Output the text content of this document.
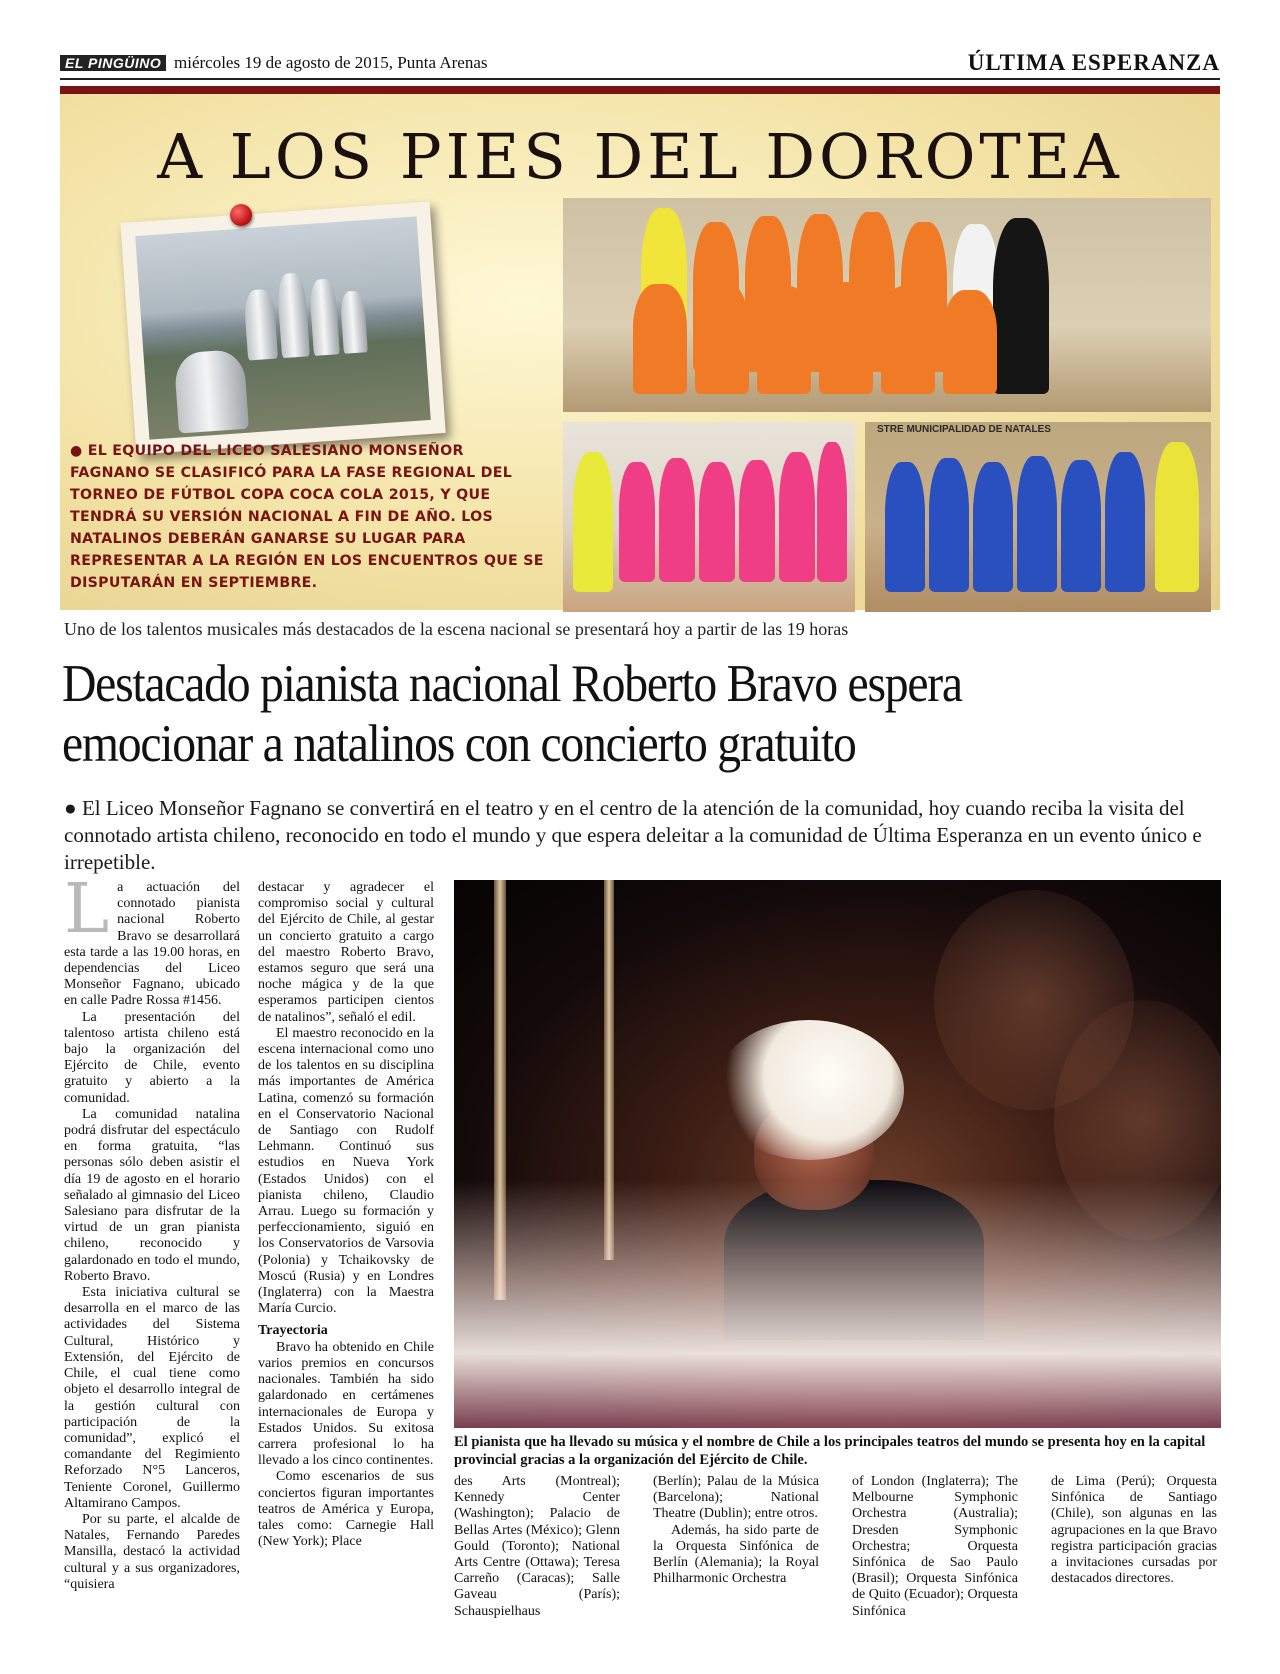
EL PINGÜINO miércoles 19 de agosto de 2015, Punta Arenas	ÚLTIMA ESPERANZA
A LOS PIES DEL DOROTEA
STRE MUNICIPALIDAD DE NATALES
● EL EQUIPO DEL LICEO SALESIANO MONSEÑOR FAGNANO SE CLASIFICÓ PARA LA FASE REGIONAL DEL TORNEO DE FÚTBOL COPA COCA COLA 2015, Y QUE TENDRÁ SU VERSIÓN NACIONAL A FIN DE AÑO. LOS NATALINOS DEBERÁN GANARSE SU LUGAR PARA REPRESENTAR A LA REGIÓN EN LOS ENCUENTROS QUE SE DISPUTARÁN EN SEPTIEMBRE.
Uno de los talentos musicales más destacados de la escena nacional se presentará hoy a partir de las 19 horas
Destacado pianista nacional Roberto Bravo espera
emocionar a natalinos con concierto gratuito
● El Liceo Monseñor Fagnano se convertirá en el teatro y en el centro de la atención de la comunidad, hoy cuando reciba la visita del connotado artista chileno, reconocido en todo el mundo y que espera deleitar a la comunidad de Última Esperanza en un evento único e irrepetible.
L a actuación del connotado pianista nacional Roberto Bravo se desarrollará esta tarde a las 19.00 horas, en dependencias del Liceo Monseñor Fagnano, ubicado en calle Padre Rossa #1456.

La presentación del talentoso artista chileno está bajo la organización del Ejército de Chile, evento gratuito y abierto a la comunidad.

La comunidad natalina podrá disfrutar del espectáculo en forma gratuita, “las personas sólo deben asistir el día 19 de agosto en el horario señalado al gimnasio del Liceo Salesiano para disfrutar de la virtud de un gran pianista chileno, reconocido y galardonado en todo el mundo, Roberto Bravo.

Esta iniciativa cultural se desarrolla en el marco de las actividades del Sistema Cultural, Histórico y Extensión, del Ejército de Chile, el cual tiene como objeto el desarrollo integral de la gestión cultural con participación de la comunidad”, explicó el comandante del Regimiento Reforzado N°5 Lanceros, Teniente Coronel, Guillermo Altamirano Campos.

Por su parte, el alcalde de Natales, Fernando Paredes Mansilla, destacó la actividad cultural y a sus organizadores, “quisiera

destacar y agradecer el compromiso social y cultural del Ejército de Chile, al gestar un concierto gratuito a cargo del maestro Roberto Bravo, estamos seguro que será una noche mágica y de la que esperamos participen cientos de natalinos”, señaló el edil.

El maestro reconocido en la escena internacional como uno de los talentos en su disciplina más importantes de América Latina, comenzó su formación en el Conservatorio Nacional de Santiago con Rudolf Lehmann. Continuó sus estudios en Nueva York (Estados Unidos) con el pianista chileno, Claudio Arrau. Luego su formación y perfeccionamiento, siguió en los Conservatorios de Varsovia (Polonia) y Tchaikovsky de Moscú (Rusia) y en Londres (Inglaterra) con la Maestra María Curcio.

Trayectoria

Bravo ha obtenido en Chile varios premios en concursos nacionales. También ha sido galardonado en certámenes internacionales de Europa y Estados Unidos. Su exitosa carrera profesional lo ha llevado a los cinco continentes.

Como escenarios de sus conciertos figuran importantes teatros de América y Europa, tales como: Carnegie Hall (New York); Place

El pianista que ha llevado su música y el nombre de Chile a los principales teatros del mundo se presenta hoy en la capital provincial gracias a la organización del Ejército de Chile.

des Arts (Montreal); Kennedy Center (Washington); Palacio de Bellas Artes (México); Glenn Gould (Toronto); National Arts Centre (Ottawa); Teresa Carreño (Caracas); Salle Gaveau (París); Schauspielhaus

(Berlín); Palau de la Música (Barcelona); National Theatre (Dublin); entre otros.

Además, ha sido parte de la Orquesta Sinfónica de Berlín (Alemania); la Royal Philharmonic Orchestra

of London (Inglaterra); The Melbourne Symphonic Orchestra (Australia); Dresden Symphonic Orchestra; Orquesta Sinfónica de Sao Paulo (Brasil); Orquesta Sinfónica de Quito (Ecuador); Orquesta Sinfónica

de Lima (Perú); Orquesta Sinfónica de Santiago (Chile), son algunas en las agrupaciones en la que Bravo registra participación gracias a invitaciones cursadas por destacados directores.
